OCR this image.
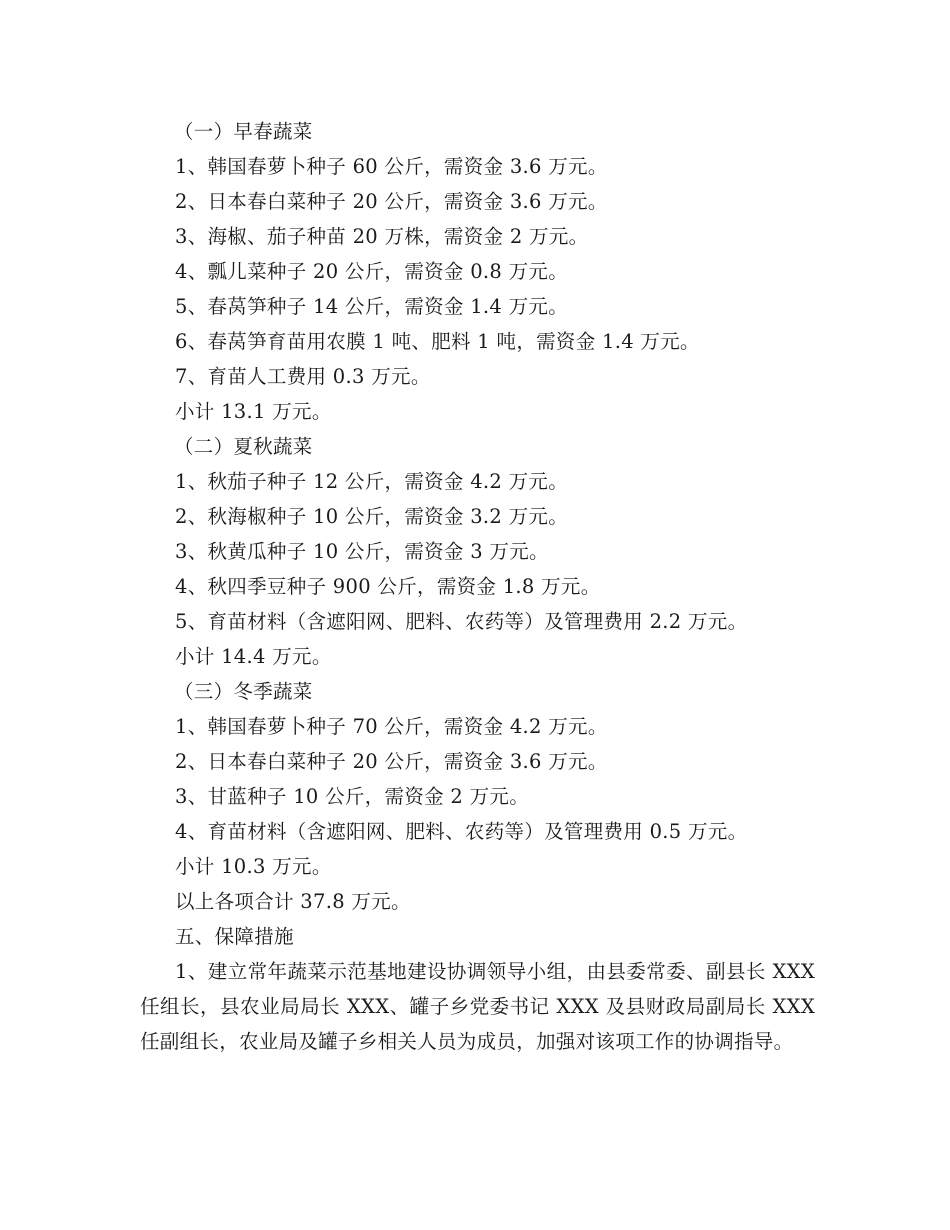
（一）早春蔬菜
1、韩国春萝卜种子 60 公斤，需资金 3.6 万元。
2、日本春白菜种子 20 公斤，需资金 3.6 万元。
3、海椒、茄子种苗 20 万株，需资金 2 万元。
4、瓢儿菜种子 20 公斤，需资金 0.8 万元。
5、春莴笋种子 14 公斤，需资金 1.4 万元。
6、春莴笋育苗用农膜 1 吨、肥料 1 吨，需资金 1.4 万元。
7、育苗人工费用 0.3 万元。
小计 13.1 万元。
（二）夏秋蔬菜
1、秋茄子种子 12 公斤，需资金 4.2 万元。
2、秋海椒种子 10 公斤，需资金 3.2 万元。
3、秋黄瓜种子 10 公斤，需资金 3 万元。
4、秋四季豆种子 900 公斤，需资金 1.8 万元。
5、育苗材料（含遮阳网、肥料、农药等）及管理费用 2.2 万元。
小计 14.4 万元。
（三）冬季蔬菜
1、韩国春萝卜种子 70 公斤，需资金 4.2 万元。
2、日本春白菜种子 20 公斤，需资金 3.6 万元。
3、甘蓝种子 10 公斤，需资金 2 万元。
4、育苗材料（含遮阳网、肥料、农药等）及管理费用 0.5 万元。
小计 10.3 万元。
以上各项合计 37.8 万元。
五、保障措施
1、建立常年蔬菜示范基地建设协调领导小组，由县委常委、副县长 XXX 任组长，县农业局局长 XXX、罐子乡党委书记 XXX 及县财政局副局长 XXX 任副组长，农业局及罐子乡相关人员为成员，加强对该项工作的协调指导。
